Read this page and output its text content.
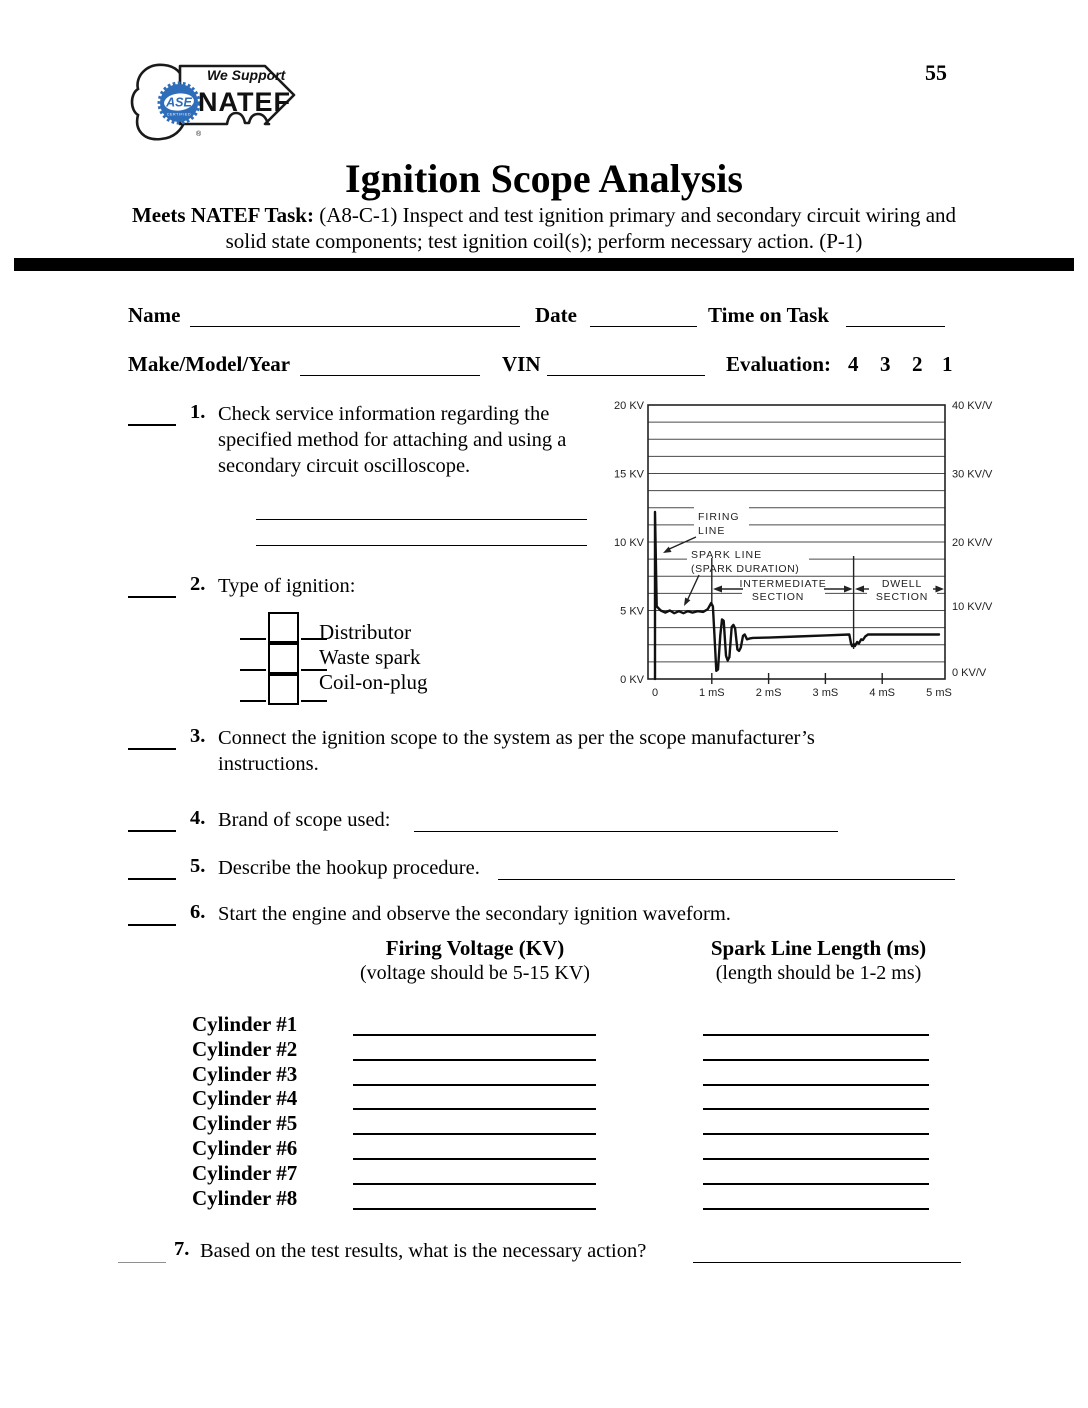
55
ASE
CERTIFIED
We Support
NATEF
®
Ignition Scope Analysis
Meets NATEF Task: (A8-C-1) Inspect and test ignition primary and secondary circuit wiring and
solid state components; test ignition coil(s); perform necessary action. (P-1)
Name	Date	Time on Task
Make/Model/Year	VIN	Evaluation: 4 3 2 1
1. Check service information regarding the specified method for attaching and using a secondary circuit oscilloscope.
2. Type of ignition:
Distributor
Waste spark
Coil-on-plug
20 KV
15 KV
10 KV
5 KV
0 KV
40 KV/V
30 KV/V
20 KV/V
10 KV/V
0 KV/V
0	1 mS	2 mS	3 mS	4 mS	5 mS
FIRING
LINE
SPARK LINE
(SPARK DURATION)
INTERMEDIATE
SECTION
DWELL
SECTION
3. Connect the ignition scope to the system as per the scope manufacturer’s instructions.
4. Brand of scope used:
5. Describe the hookup procedure.
6. Start the engine and observe the secondary ignition waveform.
Firing Voltage (KV)
(voltage should be 5-15 KV)
Spark Line Length (ms)
(length should be 1-2 ms)
Cylinder #1
Cylinder #2
Cylinder #3
Cylinder #4
Cylinder #5
Cylinder #6
Cylinder #7
Cylinder #8
7. Based on the test results, what is the necessary action?
